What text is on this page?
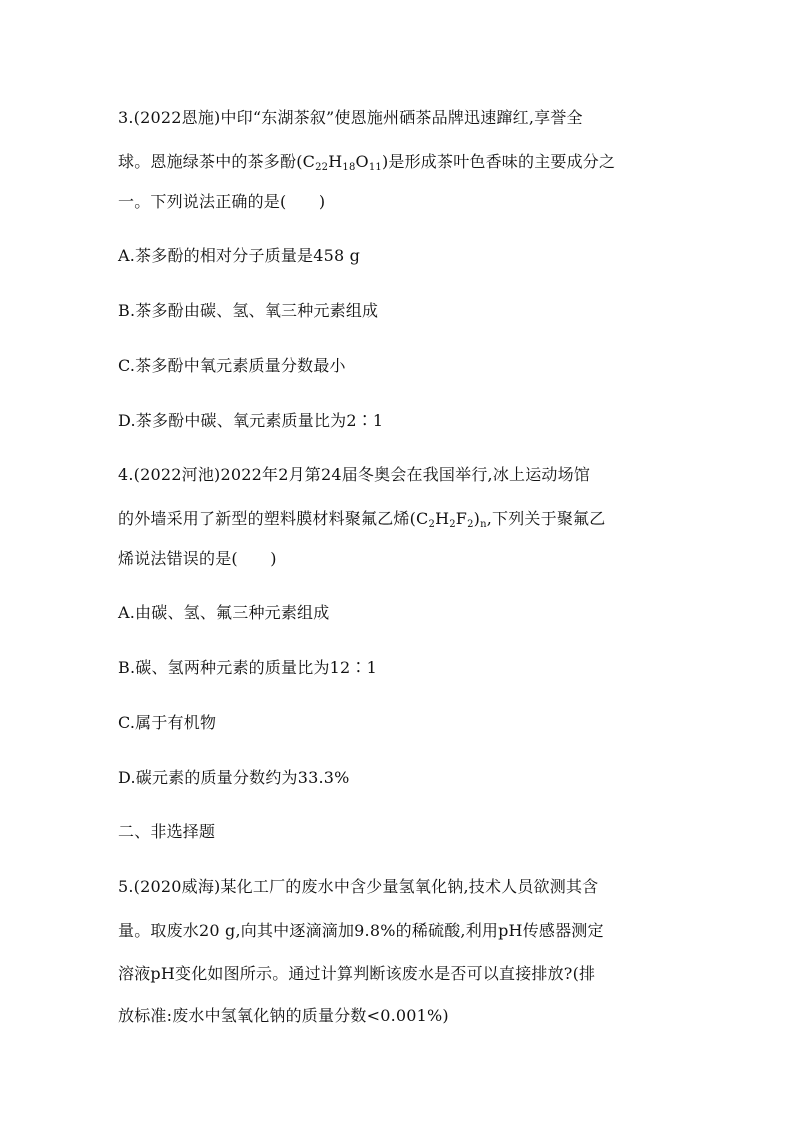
3.(2022恩施)中印“东湖茶叙”使恩施州硒茶品牌迅速蹿红,享誉全
球。恩施绿茶中的茶多酚$(C_{22}H_{18}O_{11})$是形成茶叶色香味的主要成分之
一。下列说法正确的是(　　)
A.茶多酚的相对分子质量是458 g
B.茶多酚由碳、氢、氧三种元素组成
C.茶多酚中氧元素质量分数最小
D.茶多酚中碳、氧元素质量比为2∶1
4.(2022河池)2022年2月第24届冬奥会在我国举行,冰上运动场馆
的外墙采用了新型的塑料膜材料聚氟乙烯$(C_2H_2F_2)_n$,下列关于聚氟乙
烯说法错误的是(　　)
A.由碳、氢、氟三种元素组成
B.碳、氢两种元素的质量比为12∶1
C.属于有机物
D.碳元素的质量分数约为33.3%
二、非选择题
5.(2020威海)某化工厂的废水中含少量氢氧化钠,技术人员欲测其含
量。取废水20 g,向其中逐滴滴加9.8%的稀硫酸,利用pH传感器测定
溶液pH变化如图所示。通过计算判断该废水是否可以直接排放?(排
放标准:废水中氢氧化钠的质量分数<0.001%)
